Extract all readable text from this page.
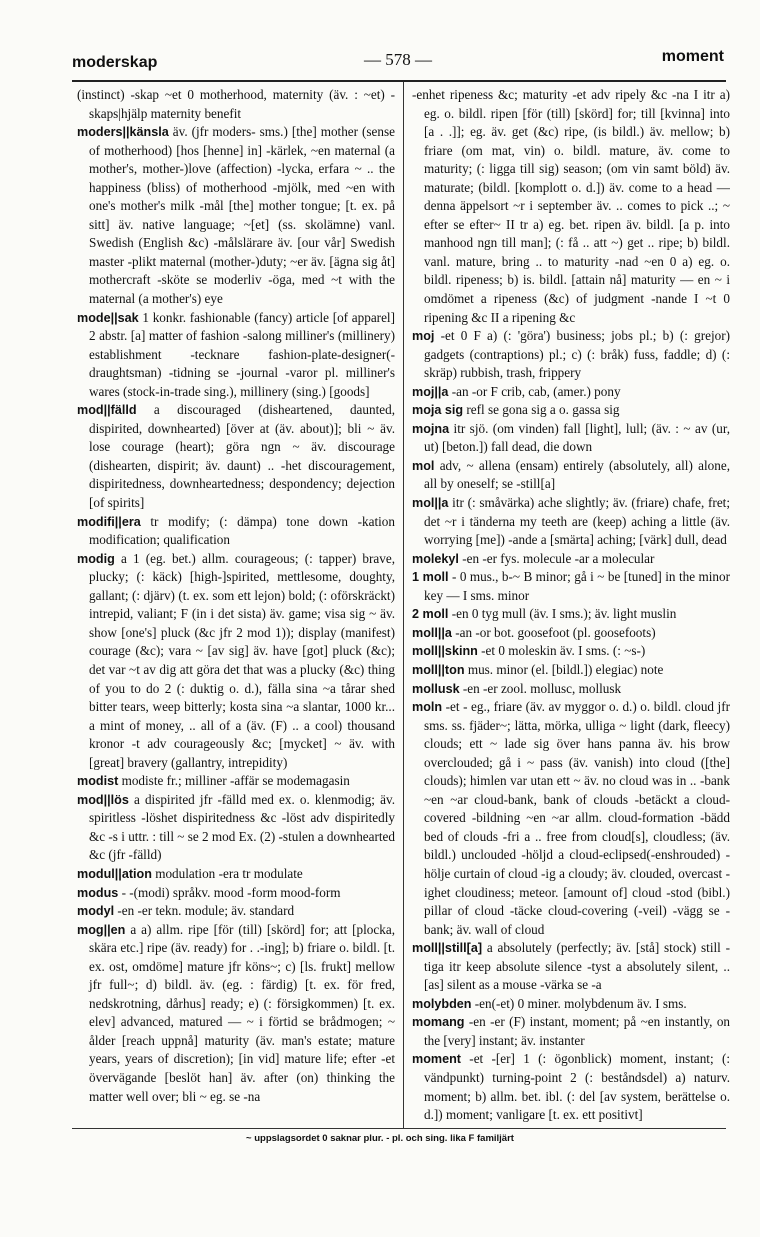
moderskap	— 578 —	moment

(instinct) -skap ~et 0 motherhood, maternity (äv. : ~et) -skaps|hjälp maternity benefit

moders||känsla äv. (jfr moders- sms.) [the] mother (sense of motherhood) [hos [henne] in] -kärlek, ~en maternal (a mother's, mother-)love (affection) -lycka, erfara ~ .. the happiness (bliss) of motherhood -mjölk, med ~en with one's mother's milk -mål [the] mother tongue; [t. ex. på sitt] äv. native language; ~[et] (ss. skolämne) vanl. Swedish (English &c) -målslärare äv. [our vår] Swedish master -plikt maternal (mother-)duty; ~er äv. [ägna sig åt] mothercraft -sköte se moderliv -öga, med ~t with the maternal (a mother's) eye

mode||sak 1 konkr. fashionable (fancy) article [of apparel] 2 abstr. [a] matter of fashion -salong milliner's (millinery) establishment -tecknare fashion-plate-designer(-draughtsman) -tidning se -journal -varor pl. milliner's wares (stock-in-trade sing.), millinery (sing.) [goods]

mod||fälld a discouraged (disheartened, daunted, dispirited, downhearted) [över at (äv. about)]; bli ~ äv. lose courage (heart); göra ngn ~ äv. discourage (dishearten, dispirit; äv. daunt) .. -het discouragement, dispiritedness, downheartedness; despondency; dejection [of spirits]

modifi||era tr modify; (: dämpa) tone down -kation modification; qualification

modig a 1 (eg. bet.) allm. courageous; (: tapper) brave, plucky; (: käck) [high-]spirited, mettlesome, doughty, gallant; (: djärv) (t. ex. som ett lejon) bold; (: oförskräckt) intrepid, valiant; F (in i det sista) äv. game; visa sig ~ äv. show [one's] pluck (&c jfr 2 mod 1)); display (manifest) courage (&c); vara ~ [av sig] äv. have [got] pluck (&c); det var ~t av dig att göra det that was a plucky (&c) thing of you to do 2 (: duktig o. d.), fälla sina ~a tårar shed bitter tears, weep bitterly; kosta sina ~a slantar, 1000 kr... a mint of money, .. all of a (äv. (F) .. a cool) thousand kronor -t adv courageously &c; [mycket] ~ äv. with [great] bravery (gallantry, intrepidity)

modist modiste fr.; milliner -affär se modemagasin

mod||lös a dispirited jfr -fälld med ex. o. klenmodig; äv. spiritless -löshet dispiritedness &c -löst adv dispiritedly &c -s i uttr. : till ~ se 2 mod Ex. (2) -stulen a downhearted &c (jfr -fälld)

modul||ation modulation -era tr modulate

modus - -(modi) språkv. mood -form mood-form

modyl -en -er tekn. module; äv. standard

mog||en a a) allm. ripe [för (till) [skörd] for; att [plocka, skära etc.] ripe (äv. ready) for . .-ing]; b) friare o. bildl. [t. ex. ost, omdöme] mature jfr köns~; c) [ls. frukt] mellow jfr full~; d) bildl. äv. (eg. : färdig) [t. ex. för fred, nedskrotning, dårhus] ready; e) (: försigkommen) [t. ex. elev] advanced, matured — ~ i förtid se brådmogen; ~ ålder [reach uppnå] maturity (äv. man's estate; mature years, years of discretion); [in vid] mature life; efter -et övervägande [beslöt han] äv. after (on) thinking the matter well over; bli ~ eg. se -na

-enhet ripeness &c; maturity -et adv ripely &c -na I itr a) eg. o. bildl. ripen [för (till) [skörd] for; till [kvinna] into [a . .]]; eg. äv. get (&c) ripe, (is bildl.) äv. mellow; b) friare (om mat, vin) o. bildl. mature, äv. come to maturity; (: ligga till sig) season; (om vin samt böld) äv. maturate; (bildl. [komplott o. d.]) äv. come to a head — denna äppelsort ~r i september äv. .. comes to pick ..; ~ efter se efter~ II tr a) eg. bet. ripen äv. bildl. [a p. into manhood ngn till man]; (: få .. att ~) get .. ripe; b) bildl. vanl. mature, bring .. to maturity -nad ~en 0 a) eg. o. bildl. ripeness; b) is. bildl. [attain nå] maturity — en ~ i omdömet a ripeness (&c) of judgment -nande I ~t 0 ripening &c II a ripening &c

moj -et 0 F a) (: 'göra') business; jobs pl.; b) (: grejor) gadgets (contraptions) pl.; c) (: bråk) fuss, faddle; d) (: skräp) rubbish, trash, frippery

moj||a -an -or F crib, cab, (amer.) pony

moja sig refl se gona sig a o. gassa sig

mojna itr sjö. (om vinden) fall [light], lull; (äv. : ~ av (ur, ut) [beton.]) fall dead, die down

mol adv, ~ allena (ensam) entirely (absolutely, all) alone, all by oneself; se -still[a]

mol||a itr (: småvärka) ache slightly; äv. (friare) chafe, fret; det ~r i tänderna my teeth are (keep) aching a little (äv. worrying [me]) -ande a [smärta] aching; [värk] dull, dead

molekyl -en -er fys. molecule -ar a molecular

1 moll - 0 mus., b-~ B minor; gå i ~ be [tuned] in the minor key — I sms. minor

2 moll -en 0 tyg mull (äv. I sms.); äv. light muslin

moll||a -an -or bot. goosefoot (pl. goosefoots)

moll||skinn -et 0 moleskin äv. I sms. (: ~s-)

moll||ton mus. minor (el. [bildl.]) elegiac) note

mollusk -en -er zool. mollusc, mollusk

moln -et - eg., friare (äv. av myggor o. d.) o. bildl. cloud jfr sms. ss. fjäder~; lätta, mörka, ulliga ~ light (dark, fleecy) clouds; ett ~ lade sig över hans panna äv. his brow overclouded; gå i ~ pass (äv. vanish) into cloud ([the] clouds); himlen var utan ett ~ äv. no cloud was in .. -bank ~en ~ar cloud-bank, bank of clouds -betäckt a cloud-covered -bildning ~en ~ar allm. cloud-formation -bädd bed of clouds -fri a .. free from cloud[s], cloudless; (äv. bildl.) unclouded -höljd a cloud-eclipsed(-enshrouded) -hölje curtain of cloud -ig a cloudy; äv. clouded, overcast -ighet cloudiness; meteor. [amount of] cloud -stod (bibl.) pillar of cloud -täcke cloud-covering (-veil) -vägg se -bank; äv. wall of cloud

moll||still[a] a absolutely (perfectly; äv. [stå] stock) still -tiga itr keep absolute silence -tyst a absolutely silent, .. [as] silent as a mouse -värka se -a

molybden -en(-et) 0 miner. molybdenum äv. I sms.

momang -en -er (F) instant, moment; på ~en instantly, on the [very] instant; äv. instanter

moment -et -[er] 1 (: ögonblick) moment, instant; (: vändpunkt) turning-point 2 (: beståndsdel) a) naturv. moment; b) allm. bet. ibl. (: del [av system, berättelse o. d.]) moment; vanligare [t. ex. ett positivt]

~ uppslagsordet 0 saknar plur. - pl. och sing. lika F familjärt
